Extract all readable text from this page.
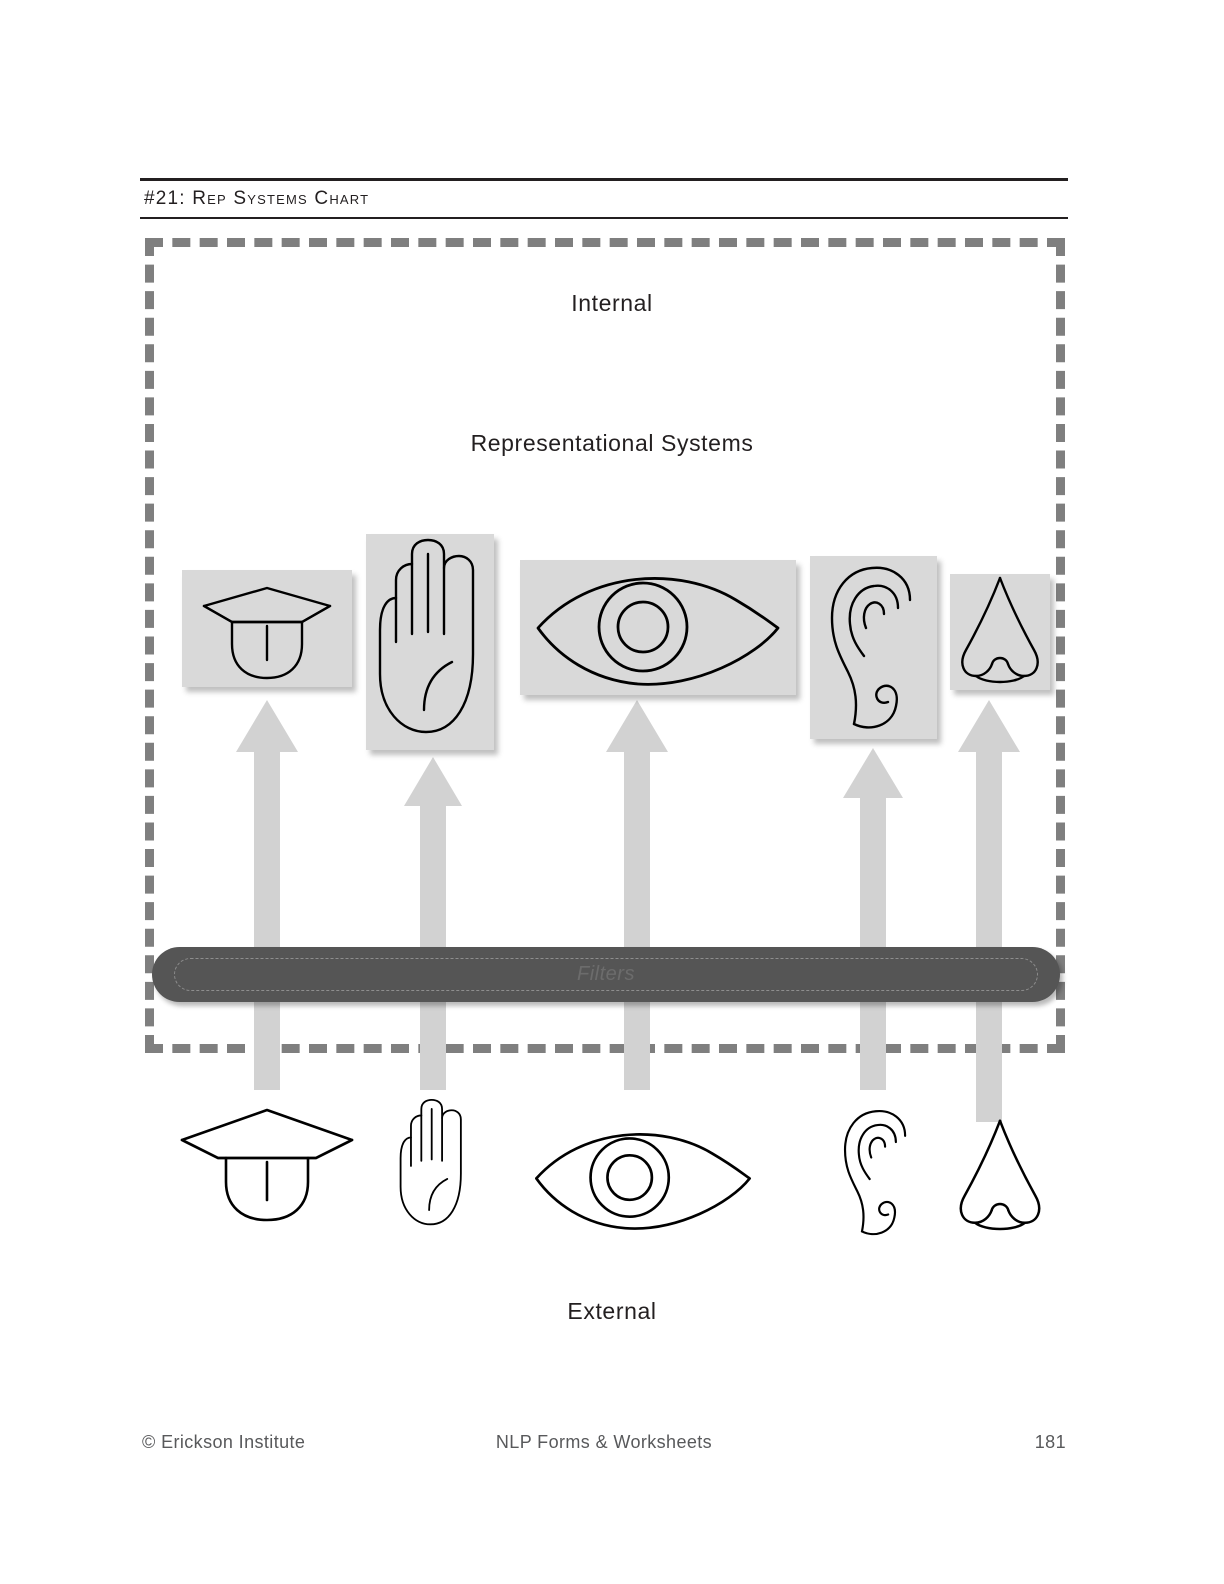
#21: Rep Systems Chart
Internal
Representational Systems
Filters
External
© Erickson Institute	NLP Forms & Worksheets	181
